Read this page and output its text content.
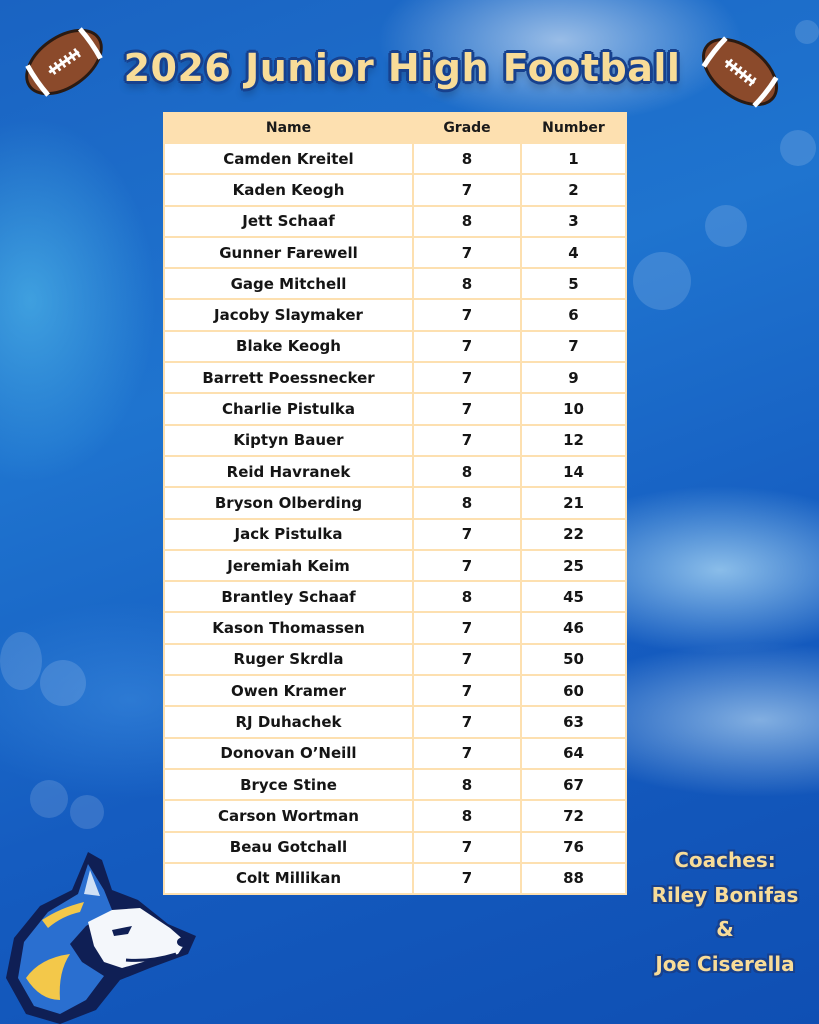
2026 Junior High Football
Name	Grade	Number
Camden Kreitel	8	1
Kaden Keogh	7	2
Jett Schaaf	8	3
Gunner Farewell	7	4
Gage Mitchell	8	5
Jacoby Slaymaker	7	6
Blake Keogh	7	7
Barrett Poessnecker	7	9
Charlie Pistulka	7	10
Kiptyn Bauer	7	12
Reid Havranek	8	14
Bryson Olberding	8	21
Jack Pistulka	7	22
Jeremiah Keim	7	25
Brantley Schaaf	8	45
Kason Thomassen	7	46
Ruger Skrdla	7	50
Owen Kramer	7	60
RJ Duhachek	7	63
Donovan O’Neill	7	64
Bryce Stine	8	67
Carson Wortman	8	72
Beau Gotchall	7	76
Colt Millikan	7	88
Coaches:
Riley Bonifas
&
Joe Ciserella
